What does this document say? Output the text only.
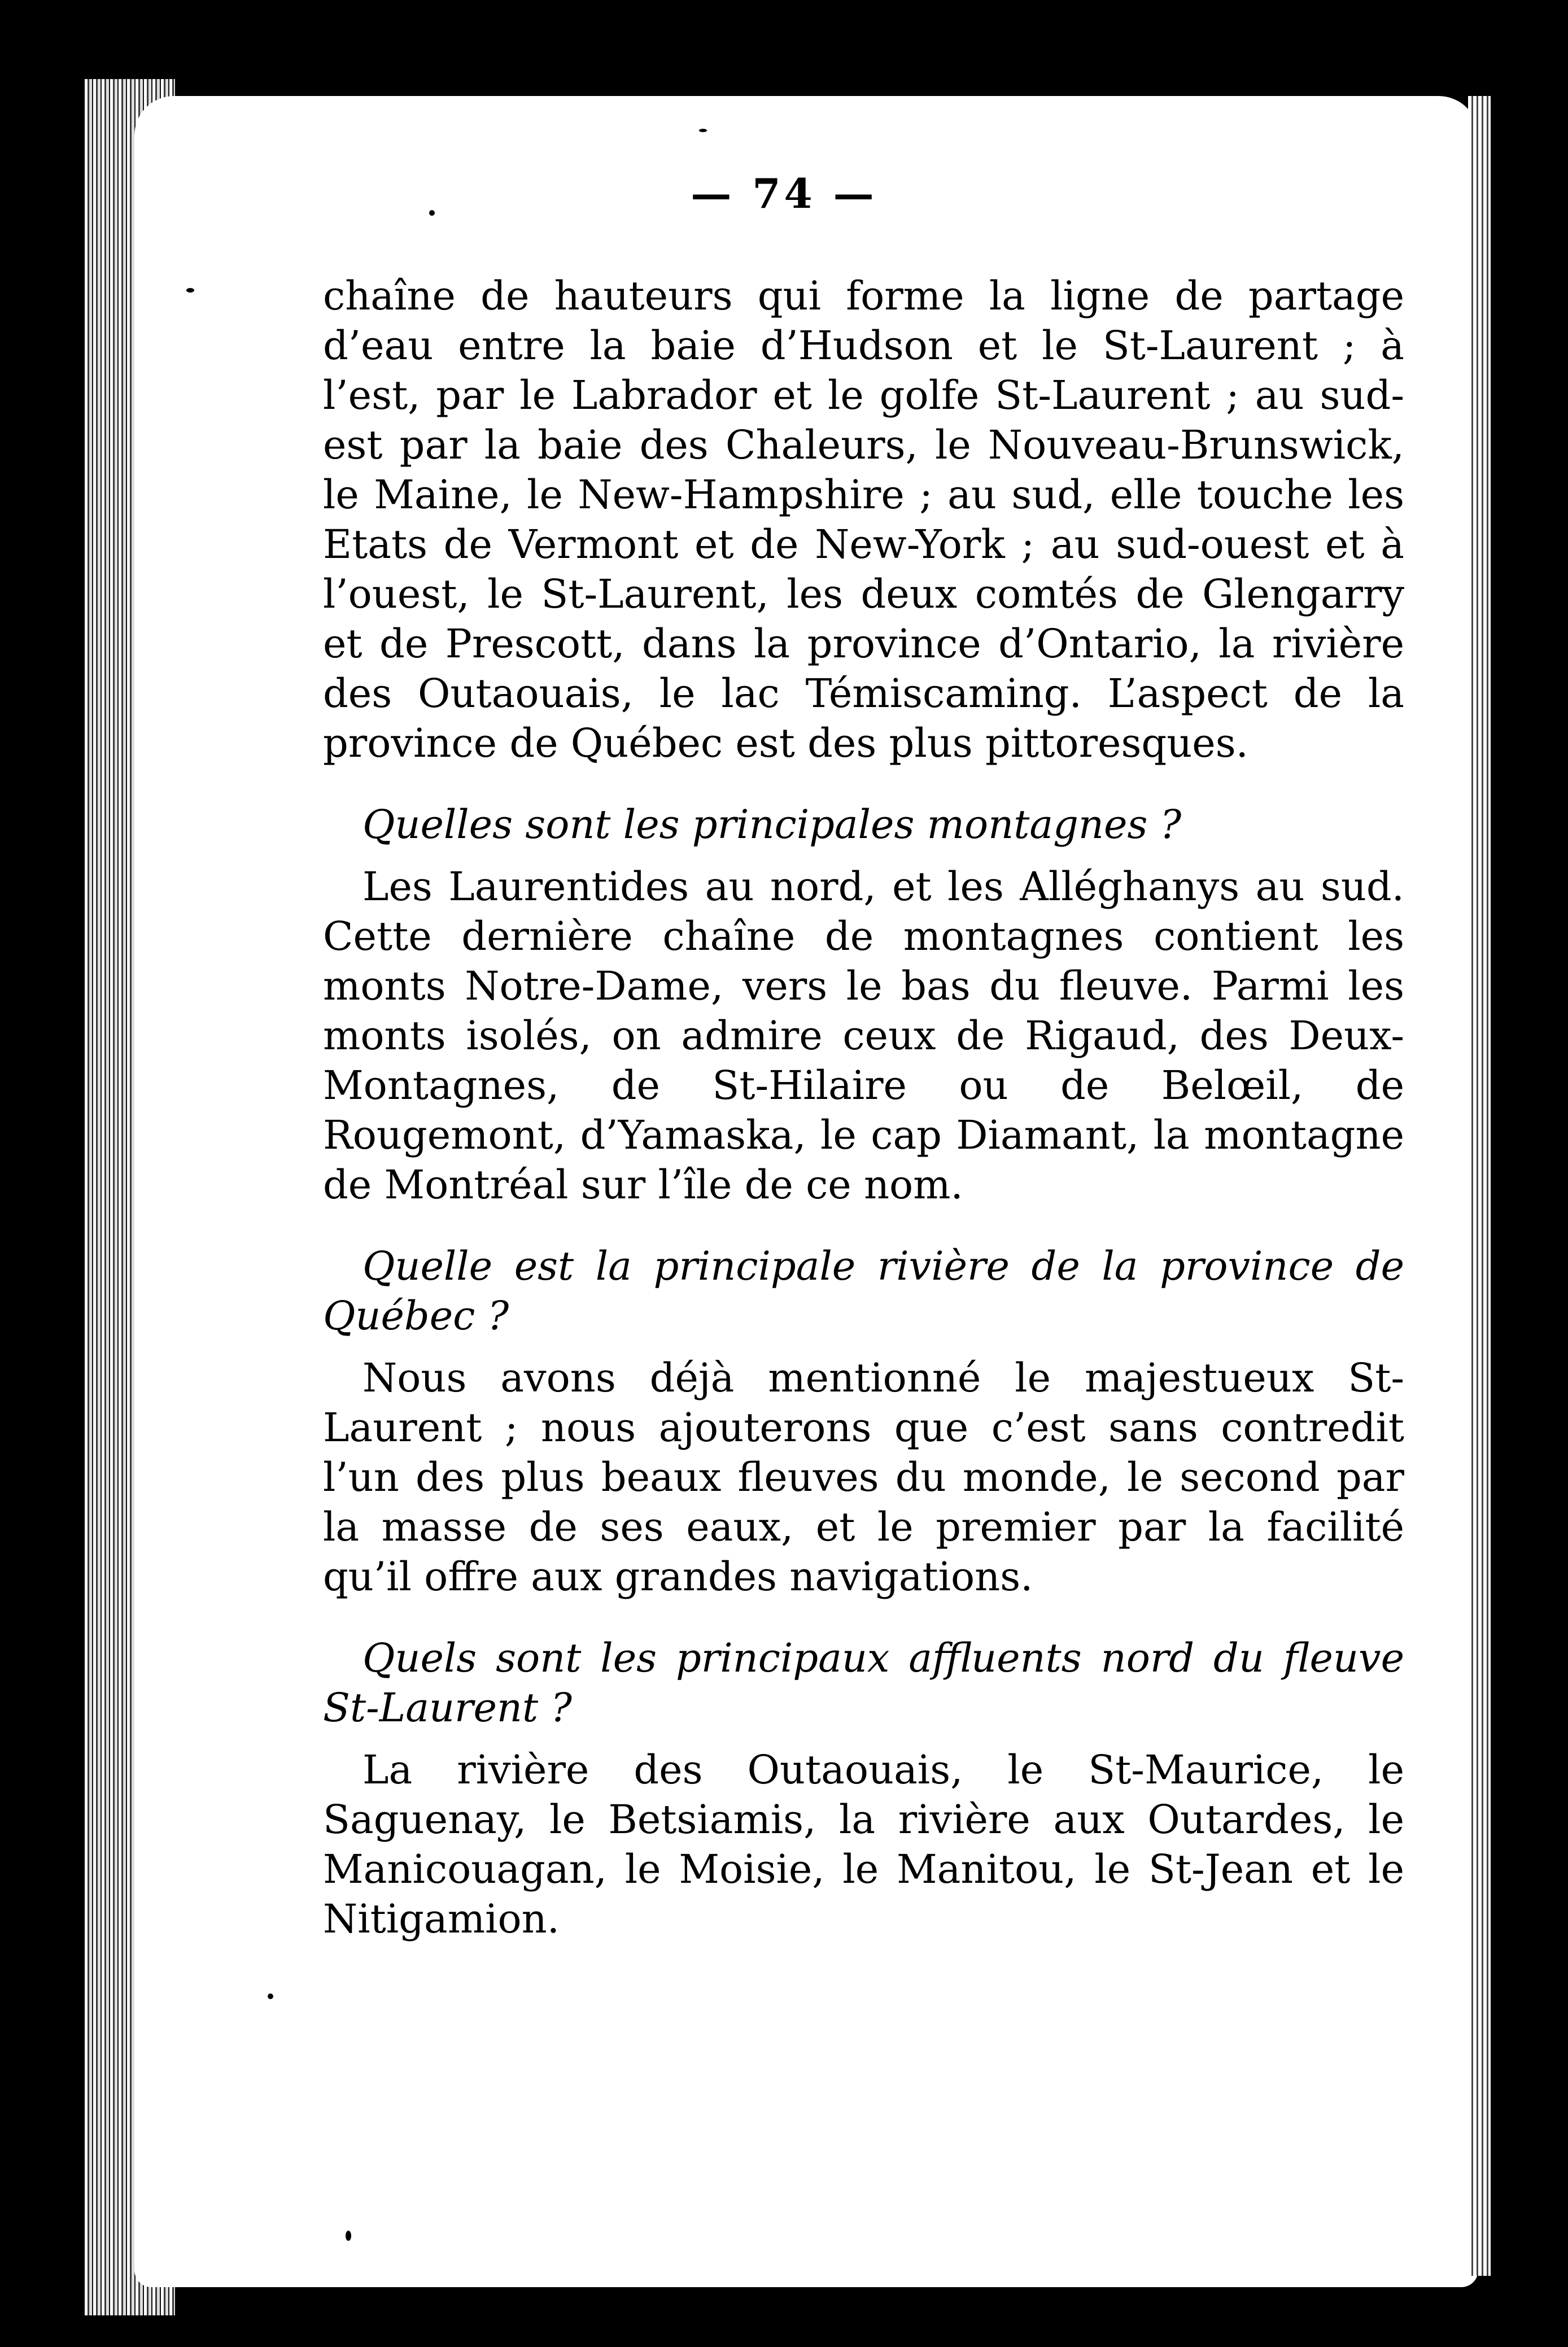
— 74 —

chaîne de hauteurs qui forme la ligne de partage d’eau entre la baie d’Hudson et le St-Laurent ; à l’est, par le Labrador et le golfe St-Laurent ; au sud-est par la baie des Chaleurs, le Nouveau-Brunswick, le Maine, le New-Hampshire ; au sud, elle touche les Etats de Vermont et de New-York ; au sud-ouest et à l’ouest, le St-Laurent, les deux comtés de Glengarry et de Prescott, dans la province d’Ontario, la rivière des Outaouais, le lac Témiscaming. L’aspect de la province de Québec est des plus pittoresques.

Quelles sont les principales montagnes ?

Les Laurentides au nord, et les Alléghanys au sud. Cette dernière chaîne de montagnes contient les monts Notre-Dame, vers le bas du fleuve. Parmi les monts isolés, on admire ceux de Rigaud, des Deux-Montagnes, de St-Hilaire ou de Belœil, de Rougemont, d’Yamaska, le cap Diamant, la montagne de Montréal sur l’île de ce nom.

Quelle est la principale rivière de la province de Québec ?

Nous avons déjà mentionné le majestueux St-Laurent ; nous ajouterons que c’est sans contredit l’un des plus beaux fleuves du monde, le second par la masse de ses eaux, et le premier par la facilité qu’il offre aux grandes navigations.

Quels sont les principaux affluents nord du fleuve St-Laurent ?

La rivière des Outaouais, le St-Maurice, le Saguenay, le Betsiamis, la rivière aux Outardes, le Manicouagan, le Moisie, le Manitou, le St-Jean et le Nitigamion.
